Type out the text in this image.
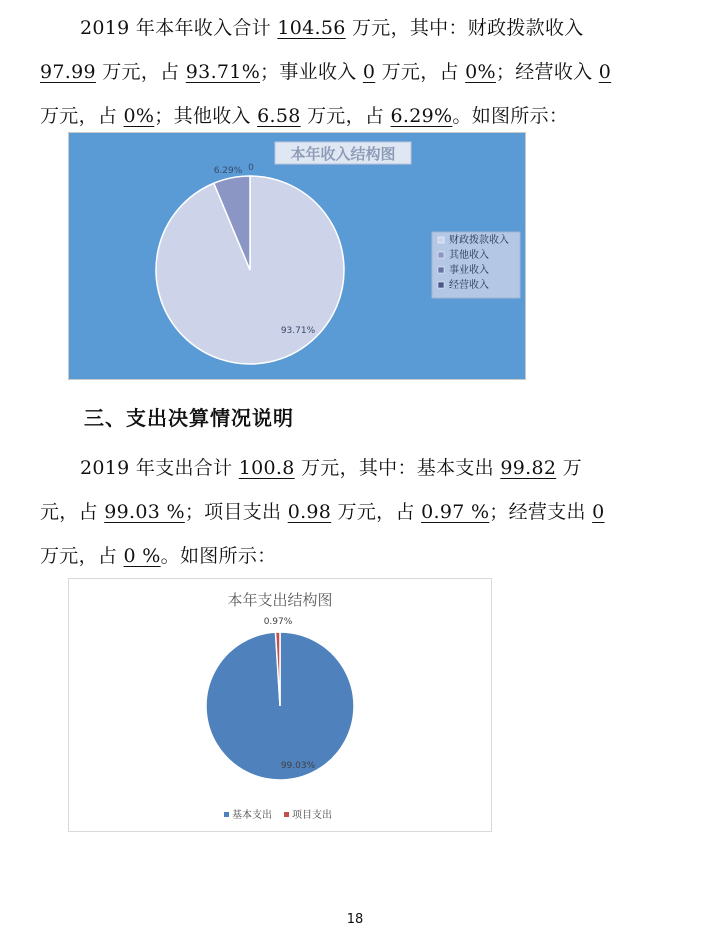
2019 年本年收入合计 104.56 万元，其中：财政拨款收入
97.99 万元，占 93.71%；事业收入 0 万元，占 0%；经营收入 0
万元，占 0%；其他收入 6.58 万元，占 6.29%。如图所示：
本年收入结构图
93.71%
6.29% 0
财政拨款收入
其他收入
事业收入
经营收入
三、支出决算情况说明
2019 年支出合计 100.8 万元，其中：基本支出 99.82 万
元，占 99.03 %；项目支出 0.98 万元，占 0.97 %；经营支出 0
万元，占 0 %。如图所示：
本年支出结构图
99.03%
0.97%
基本支出 项目支出
18
